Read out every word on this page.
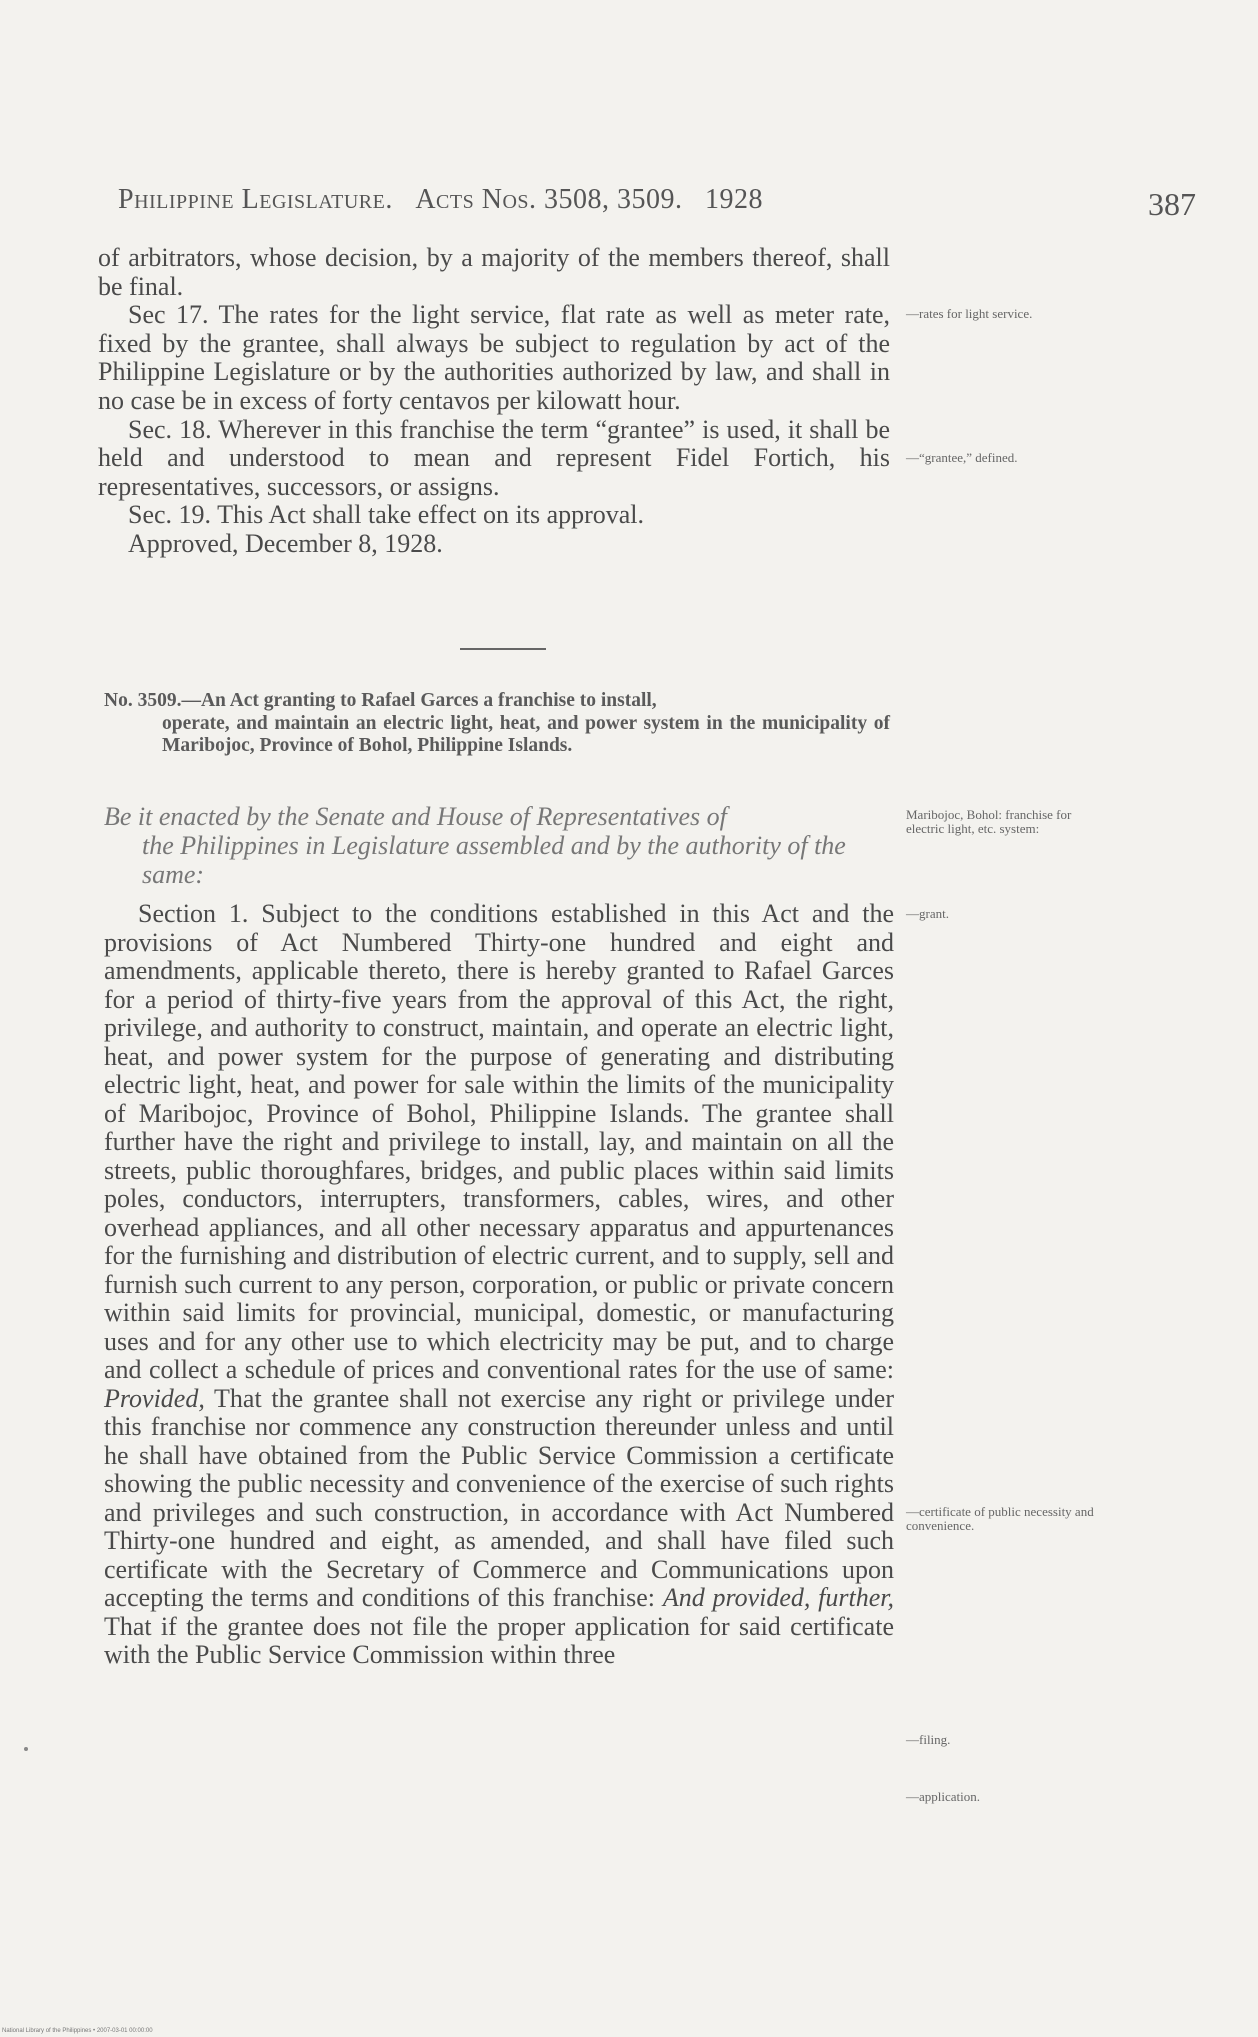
Philippine Legislature. Acts Nos. 3508, 3509. 1928	387

of arbitrators, whose decision, by a majority of the members thereof, shall be final.

Sec 17. The rates for the light service, flat rate as well as meter rate, fixed by the grantee, shall always be subject to regulation by act of the Philippine Legislature or by the authorities authorized by law, and shall in no case be in excess of forty centavos per kilowatt hour.

Sec. 18. Wherever in this franchise the term “grantee” is used, it shall be held and understood to mean and represent Fidel Fortich, his representatives, successors, or assigns.

Sec. 19. This Act shall take effect on its approval.

Approved, December 8, 1928.

No. 3509.—An Act granting to Rafael Garces a franchise to install,
operate, and maintain an electric light, heat, and power system in the municipality of Maribojoc, Province of Bohol, Philippine Islands.
Be it enacted by the Senate and House of Representatives of
the Philippines in Legislature assembled and by the authority of the same:

Section 1. Subject to the conditions established in this Act and the provisions of Act Numbered Thirty-one hundred and eight and amendments, applicable thereto, there is hereby granted to Rafael Garces for a period of thirty-five years from the approval of this Act, the right, privilege, and authority to construct, maintain, and operate an electric light, heat, and power system for the purpose of generating and distributing electric light, heat, and power for sale within the limits of the municipality of Maribojoc, Province of Bohol, Philippine Islands. The grantee shall further have the right and privilege to install, lay, and maintain on all the streets, public thoroughfares, bridges, and public places within said limits poles, conductors, interrupters, transformers, cables, wires, and other overhead appliances, and all other necessary apparatus and appurtenances for the furnishing and distribution of electric current, and to supply, sell and furnish such current to any person, corporation, or public or private concern within said limits for provincial, municipal, domestic, or manufacturing uses and for any other use to which electricity may be put, and to charge and collect a schedule of prices and conventional rates for the use of same: Provided, That the grantee shall not exercise any right or privilege under this franchise nor commence any construction thereunder unless and until he shall have obtained from the Public Service Commission a certificate showing the public necessity and convenience of the exercise of such rights and privileges and such construction, in accordance with Act Numbered Thirty-one hundred and eight, as amended, and shall have filed such certificate with the Secretary of Commerce and Communications upon accepting the terms and conditions of this franchise: And provided, further, That if the grantee does not file the proper application for said certificate with the Public Service Commission within three

—rates for light service.
—“grantee,” defined.
Maribojoc, Bohol: franchise for electric light, etc. system:
—grant.
—certificate of public necessity and convenience.
—filing.
—application.
National Library of the Philippines • 2007-03-01 00:00:00
